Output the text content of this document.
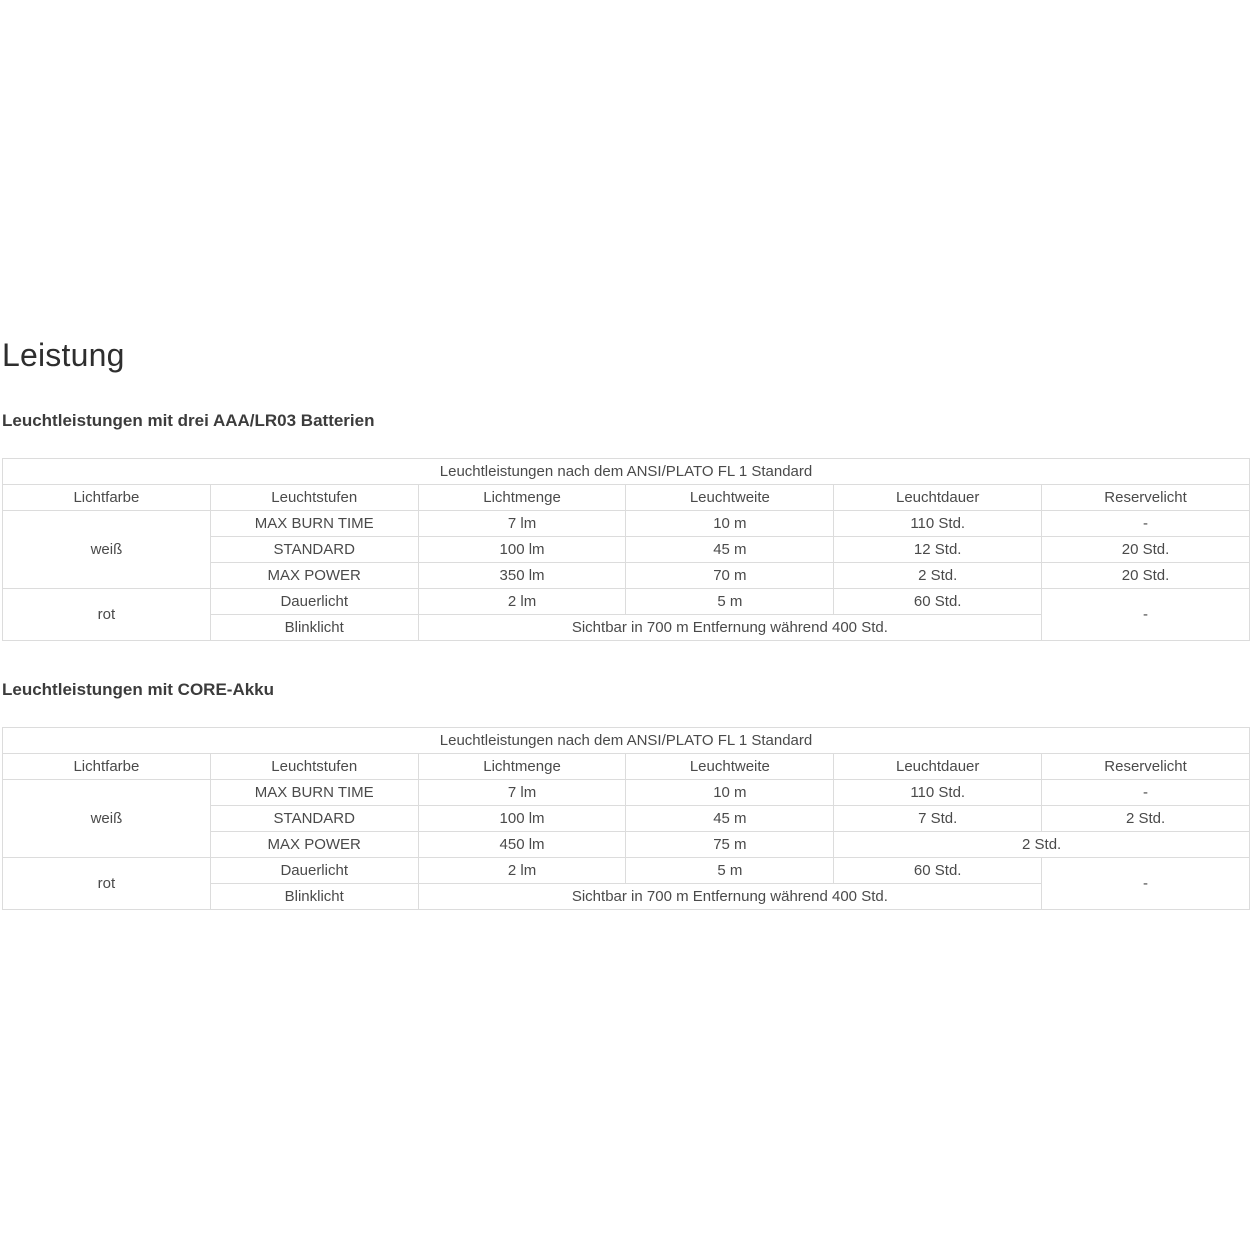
Leistung
Leuchtleistungen mit drei AAA/LR03 Batterien
Leuchtleistungen nach dem ANSI/PLATO FL 1 Standard					
Lichtfarbe	Leuchtstufen	Lichtmenge	Leuchtweite	Leuchtdauer	Reservelicht
weiß	MAX BURN TIME	7 lm	10 m	110 Std.	-
	STANDARD	100 lm	45 m	12 Std.	20 Std.
	MAX POWER	350 lm	70 m	2 Std.	20 Std.
rot	Dauerlicht	2 lm	5 m	60 Std.	-
	Blinklicht	Sichtbar in 700 m Entfernung während 400 Std.			
Leuchtleistungen mit CORE-Akku
Leuchtleistungen nach dem ANSI/PLATO FL 1 Standard					
Lichtfarbe	Leuchtstufen	Lichtmenge	Leuchtweite	Leuchtdauer	Reservelicht
weiß	MAX BURN TIME	7 lm	10 m	110 Std.	-
	STANDARD	100 lm	45 m	7 Std.	2 Std.
	MAX POWER	450 lm	75 m	2 Std.	
rot	Dauerlicht	2 lm	5 m	60 Std.	-
	Blinklicht	Sichtbar in 700 m Entfernung während 400 Std.			
